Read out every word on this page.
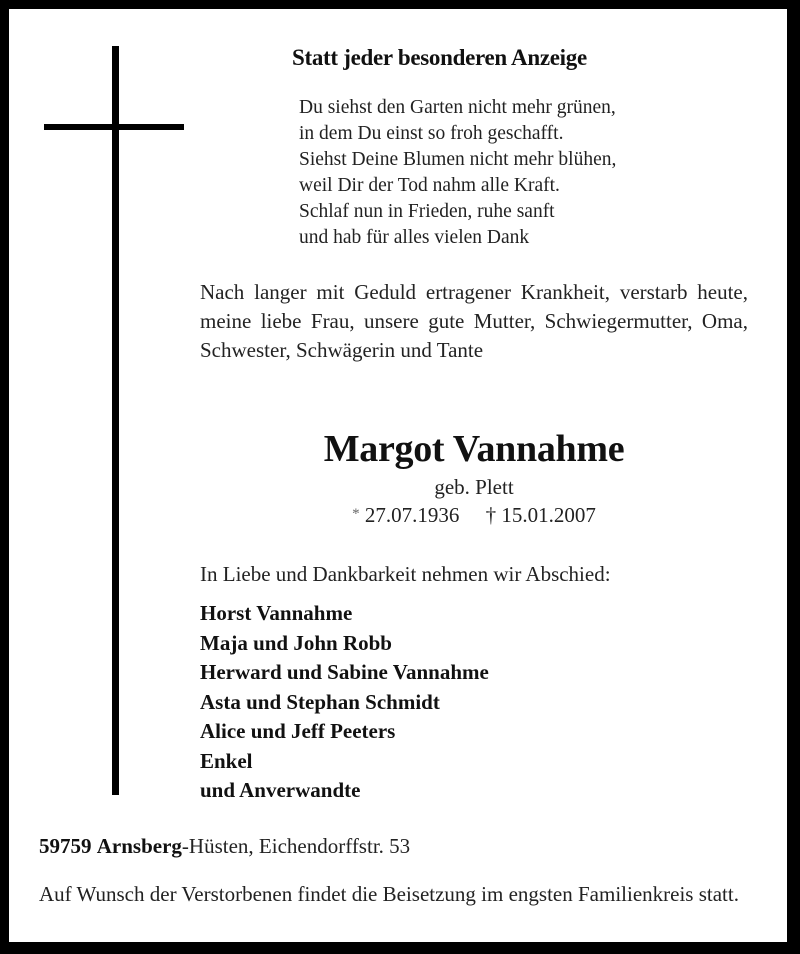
Statt jeder besonderen Anzeige
Du siehst den Garten nicht mehr grünen,
in dem Du einst so froh geschafft.
Siehst Deine Blumen nicht mehr blühen,
weil Dir der Tod nahm alle Kraft.
Schlaf nun in Frieden, ruhe sanft
und hab für alles vielen Dank
Nach langer mit Geduld ertragener Krankheit, verstarb heute, meine liebe Frau, unsere gute Mutter, Schwiegermutter, Oma, Schwester, Schwägerin und Tante
Margot Vannahme
geb. Plett
* 27.07.1936 † 15.01.2007
In Liebe und Dankbarkeit nehmen wir Abschied:
Horst Vannahme
Maja und John Robb
Herward und Sabine Vannahme
Asta und Stephan Schmidt
Alice und Jeff Peeters
Enkel
und Anverwandte
59759 Arnsberg-Hüsten, Eichendorffstr. 53
Auf Wunsch der Verstorbenen findet die Beisetzung im engsten Familienkreis statt.
